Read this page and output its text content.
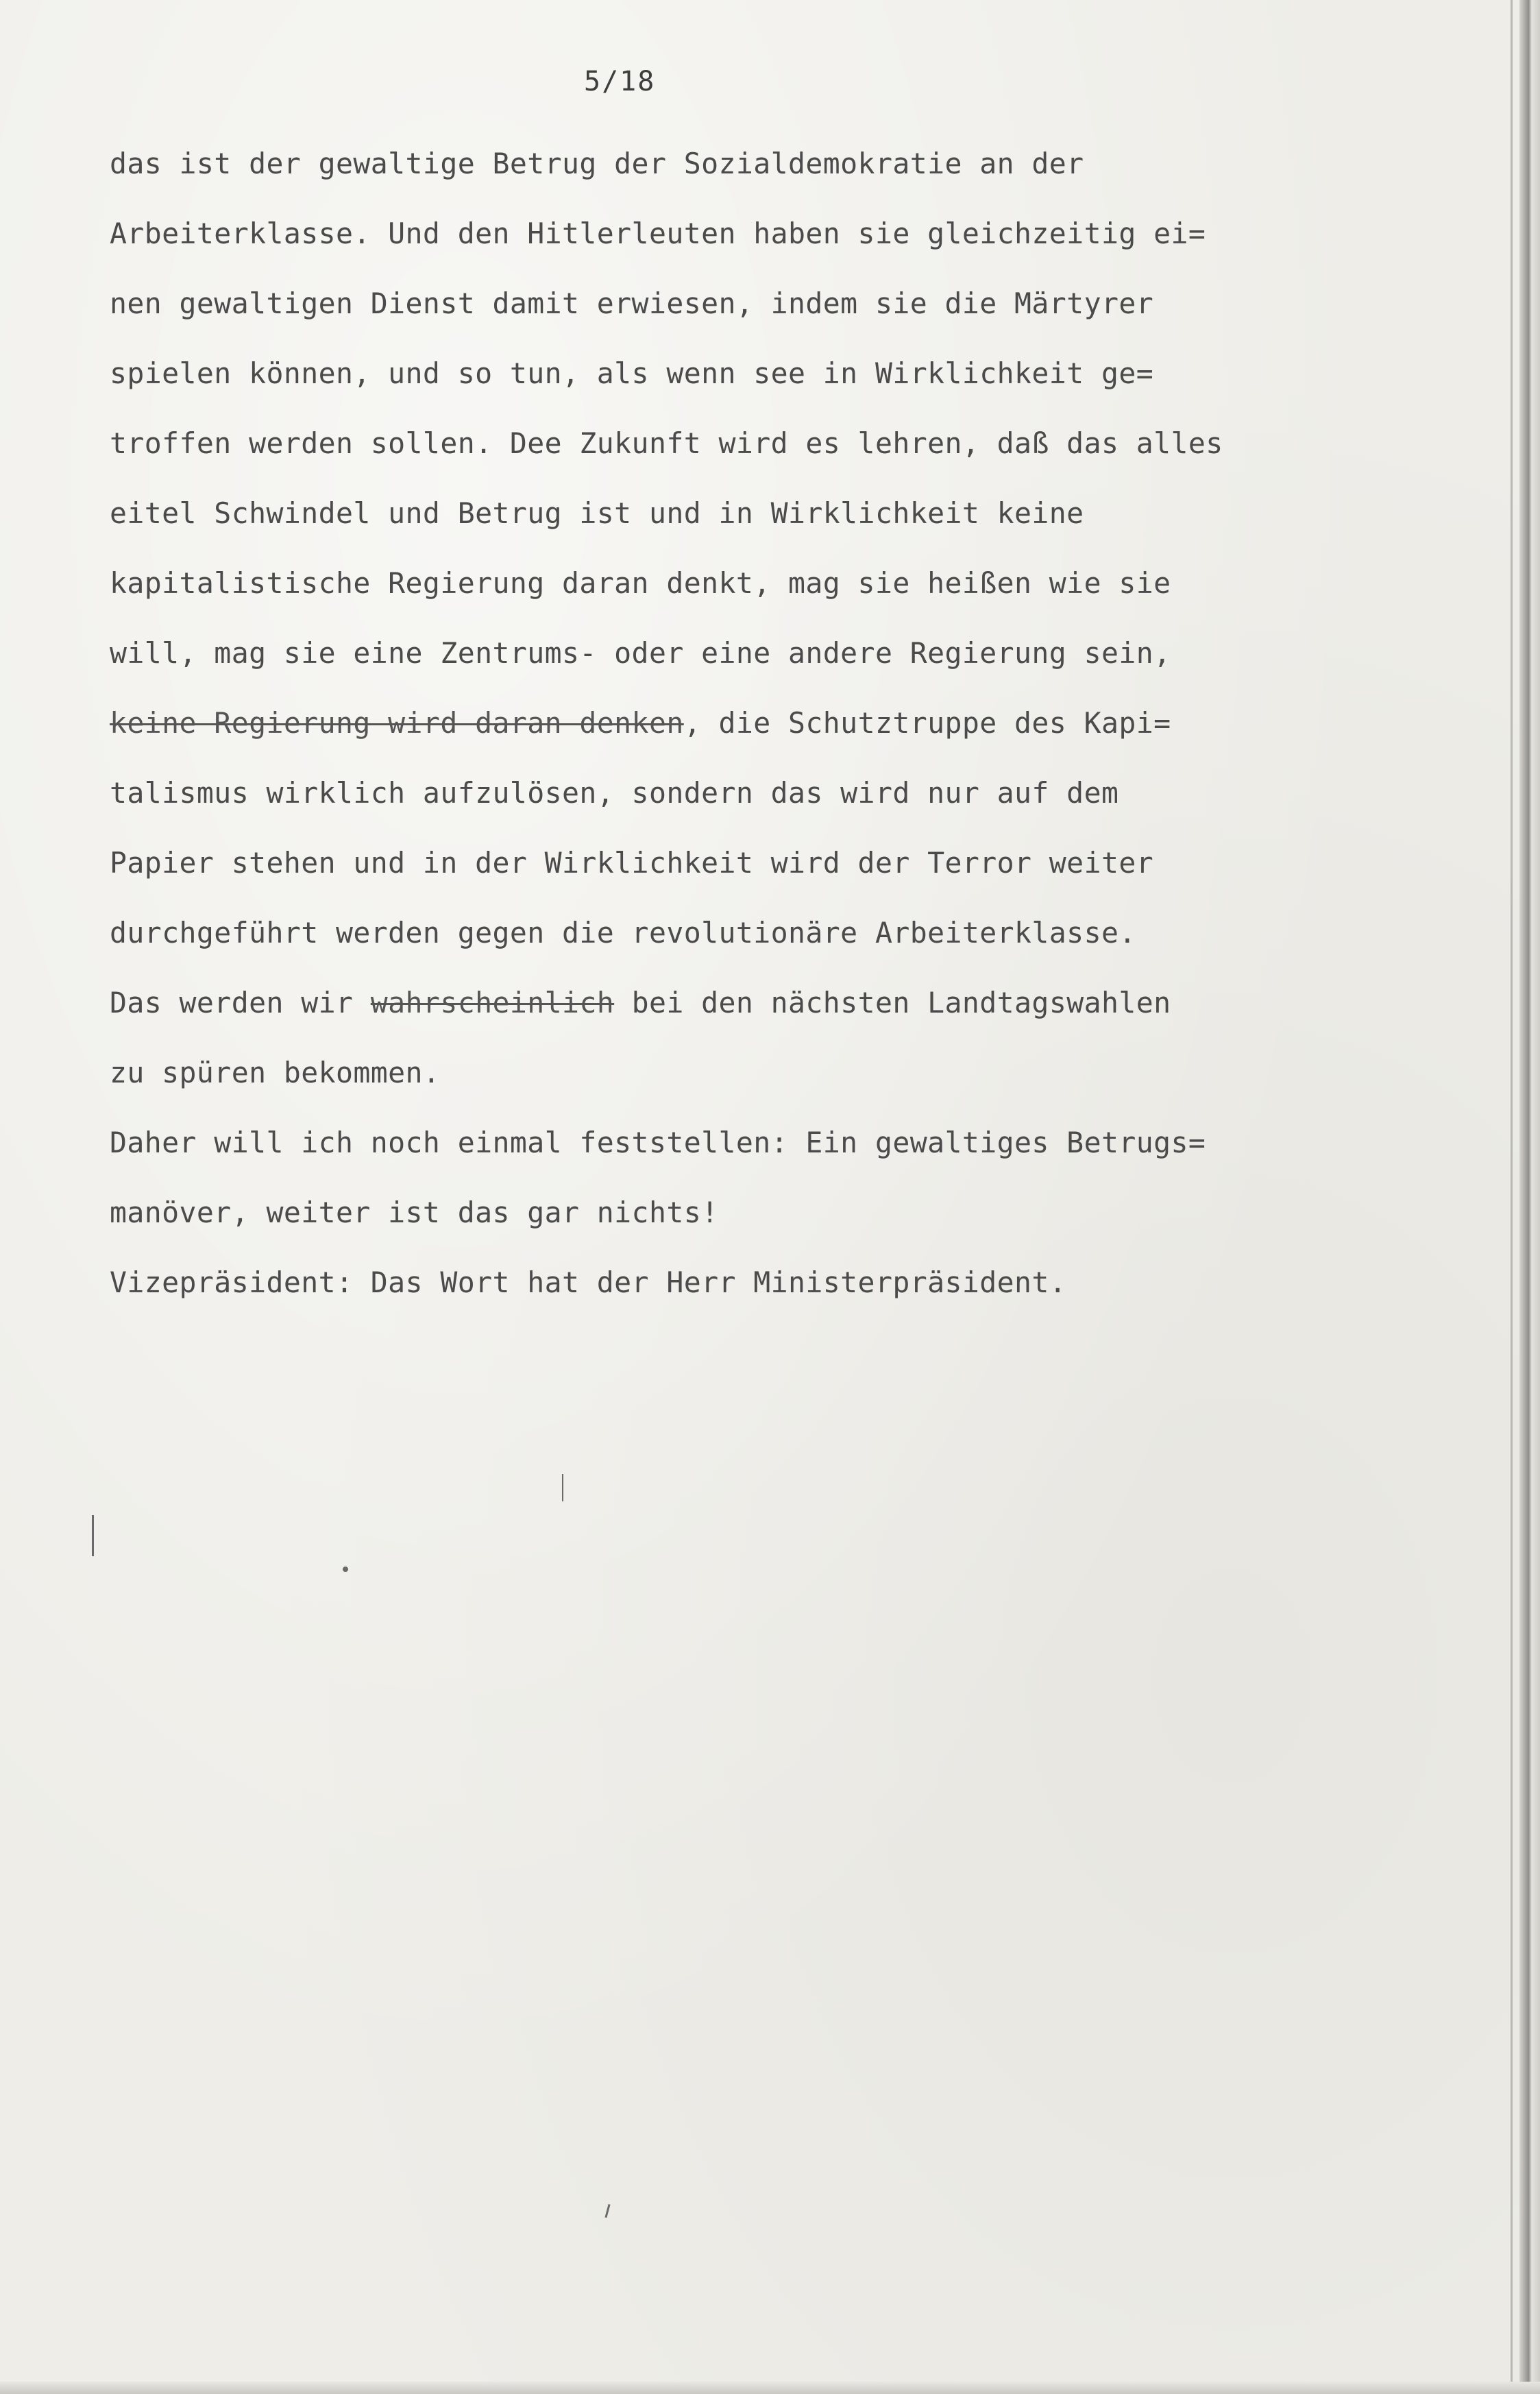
5/18
das ist der gewaltige Betrug der Sozialdemokratie an der
Arbeiterklasse. Und den Hitlerleuten haben sie gleichzeitig ei=
nen gewaltigen Dienst damit erwiesen, indem sie die Märtyrer
spielen können, und so tun, als wenn see in Wirklichkeit ge=
troffen werden sollen. Dee Zukunft wird es lehren, daß das alles
eitel Schwindel und Betrug ist und in Wirklichkeit keine
kapitalistische Regierung daran denkt, mag sie heißen wie sie
will, mag sie eine Zentrums- oder eine andere Regierung sein,
keine Regierung wird daran denken, die Schutztruppe des Kapi=
talismus wirklich aufzulösen, sondern das wird nur auf dem
Papier stehen und in der Wirklichkeit wird der Terror weiter
durchgeführt werden gegen die revolutionäre Arbeiterklasse.
Das werden wir wahrscheinlich bei den nächsten Landtagswahlen
zu spüren bekommen.
Daher will ich noch einmal feststellen: Ein gewaltiges Betrugs=
manöver, weiter ist das gar nichts!
Vizepräsident: Das Wort hat der Herr Ministerpräsident.
